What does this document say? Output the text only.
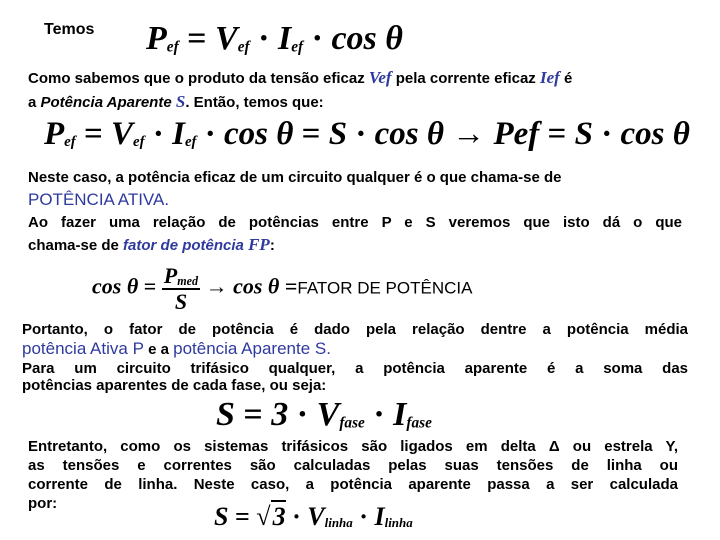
Temos Pef = Vef · Ief · cos θ
Como sabemos que o produto da tensão eficaz Vef pela corrente eficaz Ief é
a Potência Aparente S. Então, temos que:
Pef = Vef · Ief · cos θ = S · cos θ → Pef = S · cos θ
Neste caso, a potência eficaz de um circuito qualquer é o que chama-se de
POTÊNCIA ATIVA.
Ao fazer uma relação de potências entre P e S veremos que isto dá o que
chama-se de fator de potência FP:
$\cos \theta = \frac{\text{Pmed}}{S} \to \cos \theta$ =FATOR DE POTÊNCIA
Portanto, o fator de potência é dado pela relação dentre a potência média
potência Ativa P e a potência Aparente S.
Para um circuito trifásico qualquer, a potência aparente é a soma das
potências aparentes de cada fase, ou seja:
S = 3 · Vfase · Ifase
Entretanto, como os sistemas trifásicos são ligados em delta Δ ou estrela Y,
as tensões e correntes são calculadas pelas suas tensões de linha ou
corrente de linha. Neste caso, a potência aparente passa a ser calculada
por:	S = √3 · Vlinha · Ilinha
